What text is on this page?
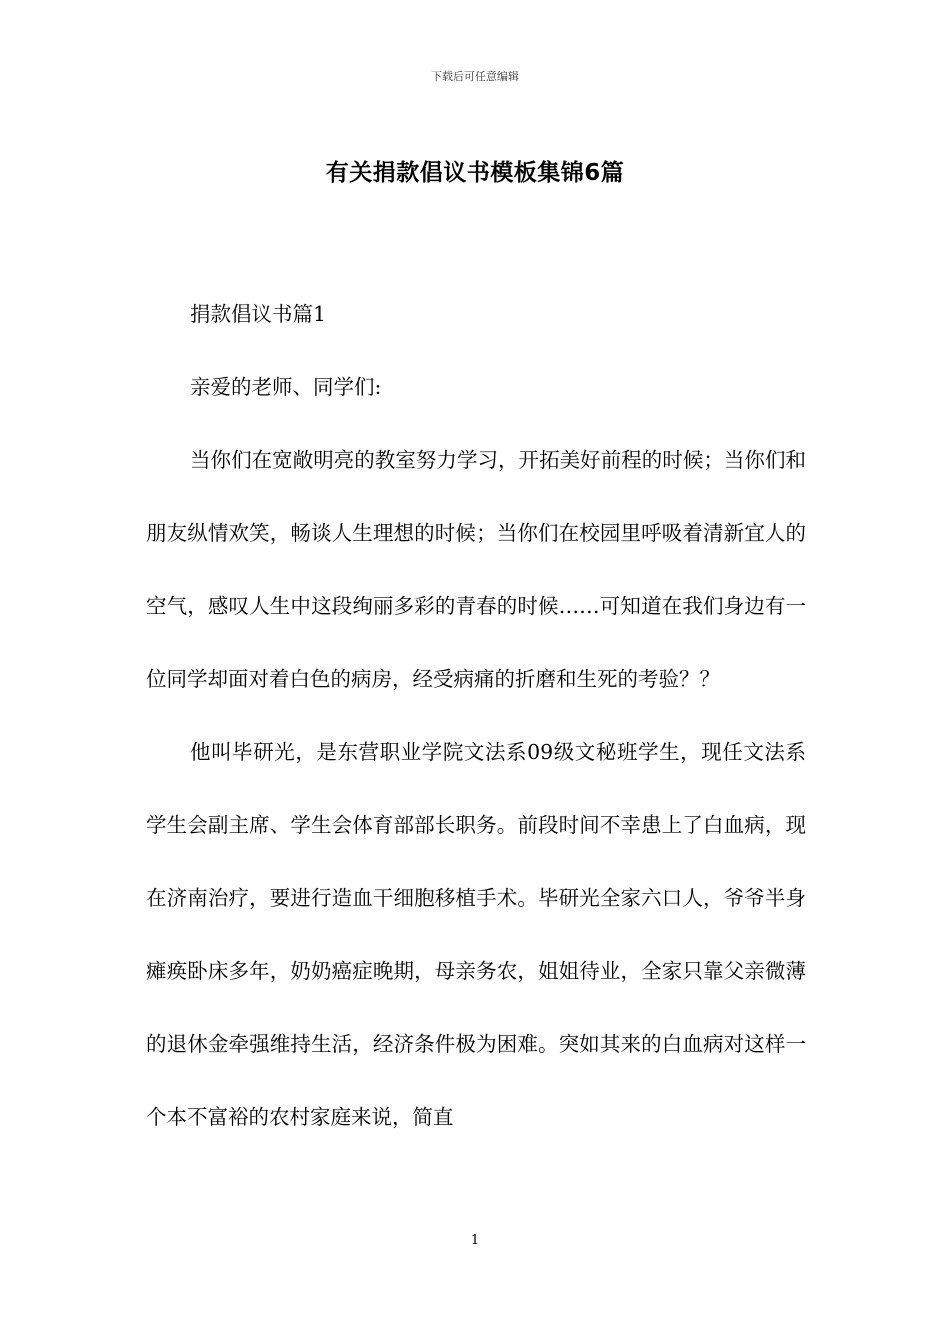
下载后可任意编辑
有关捐款倡议书模板集锦6篇

捐款倡议书篇1

亲爱的老师、同学们:

当你们在宽敞明亮的教室努力学习，开拓美好前程的时候；当你们和朋友纵情欢笑，畅谈人生理想的时候；当你们在校园里呼吸着清新宜人的空气，感叹人生中这段绚丽多彩的青春的时候……可知道在我们身边有一位同学却面对着白色的病房，经受病痛的折磨和生死的考验？？

他叫毕研光，是东营职业学院文法系09级文秘班学生，现任文法系学生会副主席、学生会体育部部长职务。前段时间不幸患上了白血病，现在济南治疗，要进行造血干细胞移植手术。毕研光全家六口人，爷爷半身瘫痪卧床多年，奶奶癌症晚期，母亲务农，姐姐待业，全家只靠父亲微薄的退休金牵强维持生活，经济条件极为困难。突如其来的白血病对这样一个本不富裕的农村家庭来说，简直

1
